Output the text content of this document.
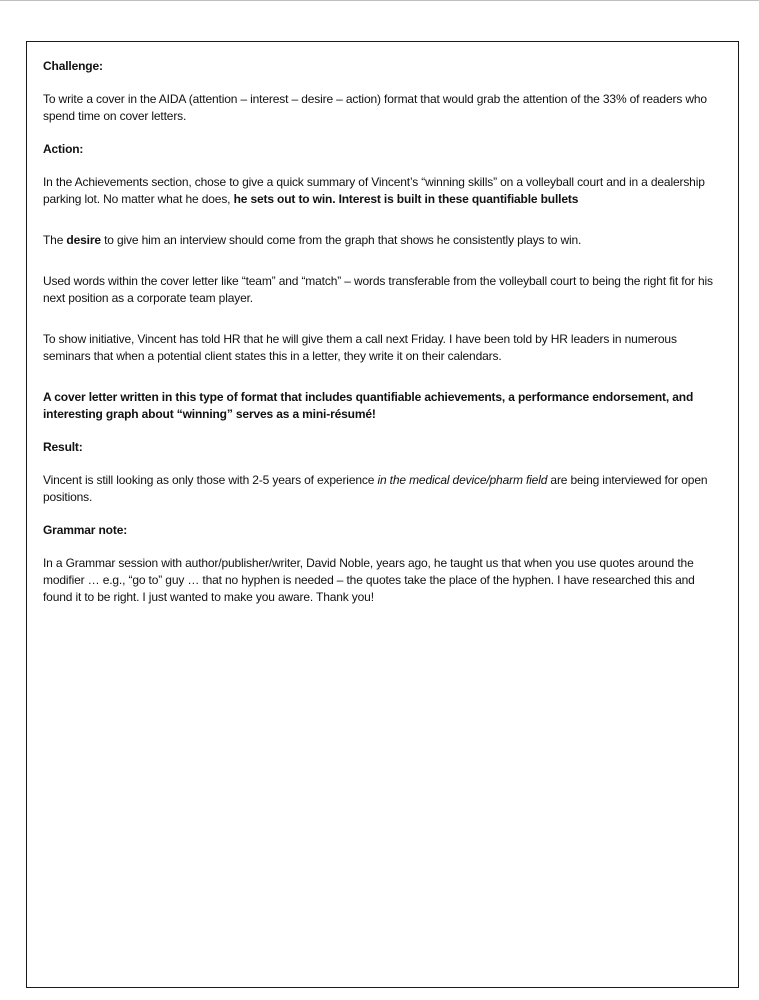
Challenge:

To write a cover in the AIDA (attention – interest – desire – action) format that would grab the attention of the 33% of readers who spend time on cover letters.

Action:

In the Achievements section, chose to give a quick summary of Vincent’s “winning skills” on a volleyball court and in a dealership parking lot. No matter what he does, he sets out to win. Interest is built in these quantifiable bullets

The desire to give him an interview should come from the graph that shows he consistently plays to win.

Used words within the cover letter like “team” and “match” – words transferable from the volleyball court to being the right fit for his next position as a corporate team player.

To show initiative, Vincent has told HR that he will give them a call next Friday. I have been told by HR leaders in numerous seminars that when a potential client states this in a letter, they write it on their calendars.

A cover letter written in this type of format that includes quantifiable achievements, a performance endorsement, and interesting graph about “winning” serves as a mini-résumé!

Result:

Vincent is still looking as only those with 2-5 years of experience in the medical device/pharm field are being interviewed for open positions.

Grammar note:

In a Grammar session with author/publisher/writer, David Noble, years ago, he taught us that when you use quotes around the modifier … e.g., “go to” guy … that no hyphen is needed – the quotes take the place of the hyphen. I have researched this and found it to be right. I just wanted to make you aware. Thank you!
